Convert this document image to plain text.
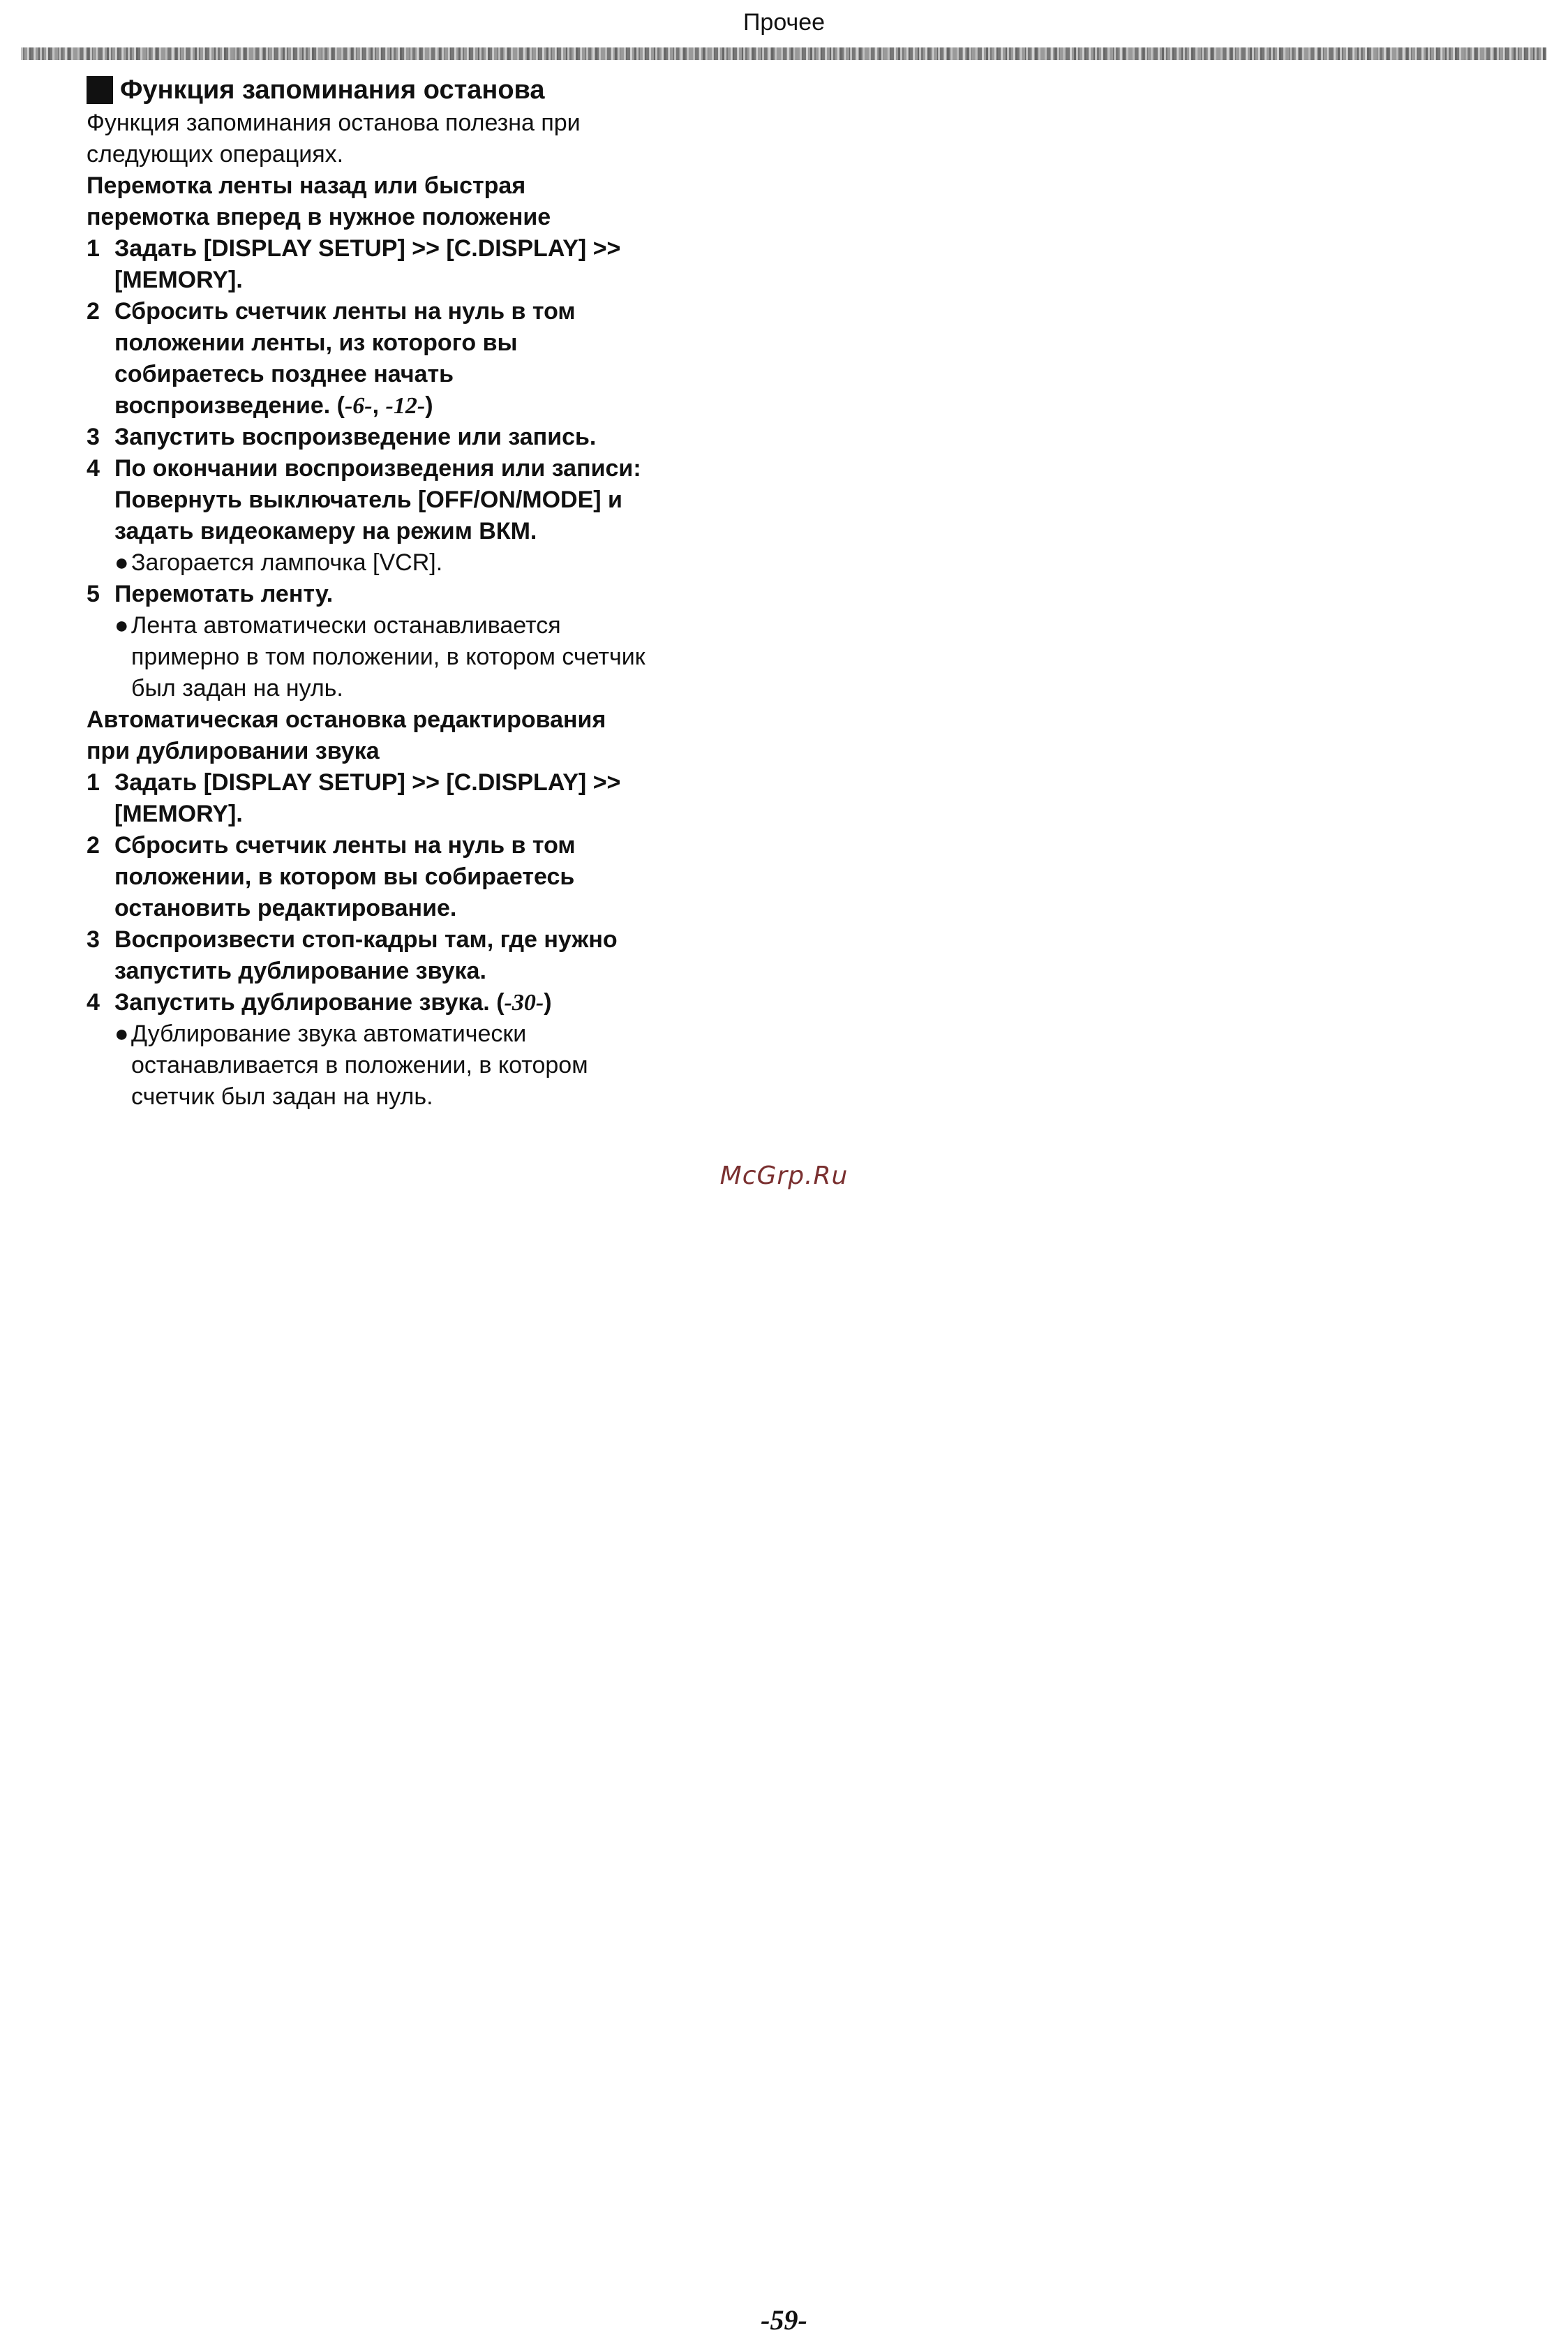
Прочее
Функция запоминания останова
Функция запоминания останова полезна при
следующих операциях.
Перемотка ленты назад или быстрая
перемотка вперед в нужное положение
1 Задать [DISPLAY SETUP] >> [C.DISPLAY] >>
[MEMORY].
2 Сбросить счетчик ленты на нуль в том
положении ленты, из которого вы
собираетесь позднее начать
воспроизведение. (-6-, -12-)
3 Запустить воспроизведение или запись.
4 По окончании воспроизведения или записи:
Повернуть выключатель [OFF/ON/MODE] и
задать видеокамеру на режим ВКМ.
● Загорается лампочка [VCR].
5 Перемотать ленту.
● Лента автоматически останавливается
примерно в том положении, в котором счетчик
был задан на нуль.
Автоматическая остановка редактирования
при дублировании звука
1 Задать [DISPLAY SETUP] >> [C.DISPLAY] >>
[MEMORY].
2 Сбросить счетчик ленты на нуль в том
положении, в котором вы собираетесь
остановить редактирование.
3 Воспроизвести стоп-кадры там, где нужно
запустить дублирование звука.
4 Запустить дублирование звука. (-30-)
● Дублирование звука автоматически
останавливается в положении, в котором
счетчик был задан на нуль.
McGrp.Ru
-59-
